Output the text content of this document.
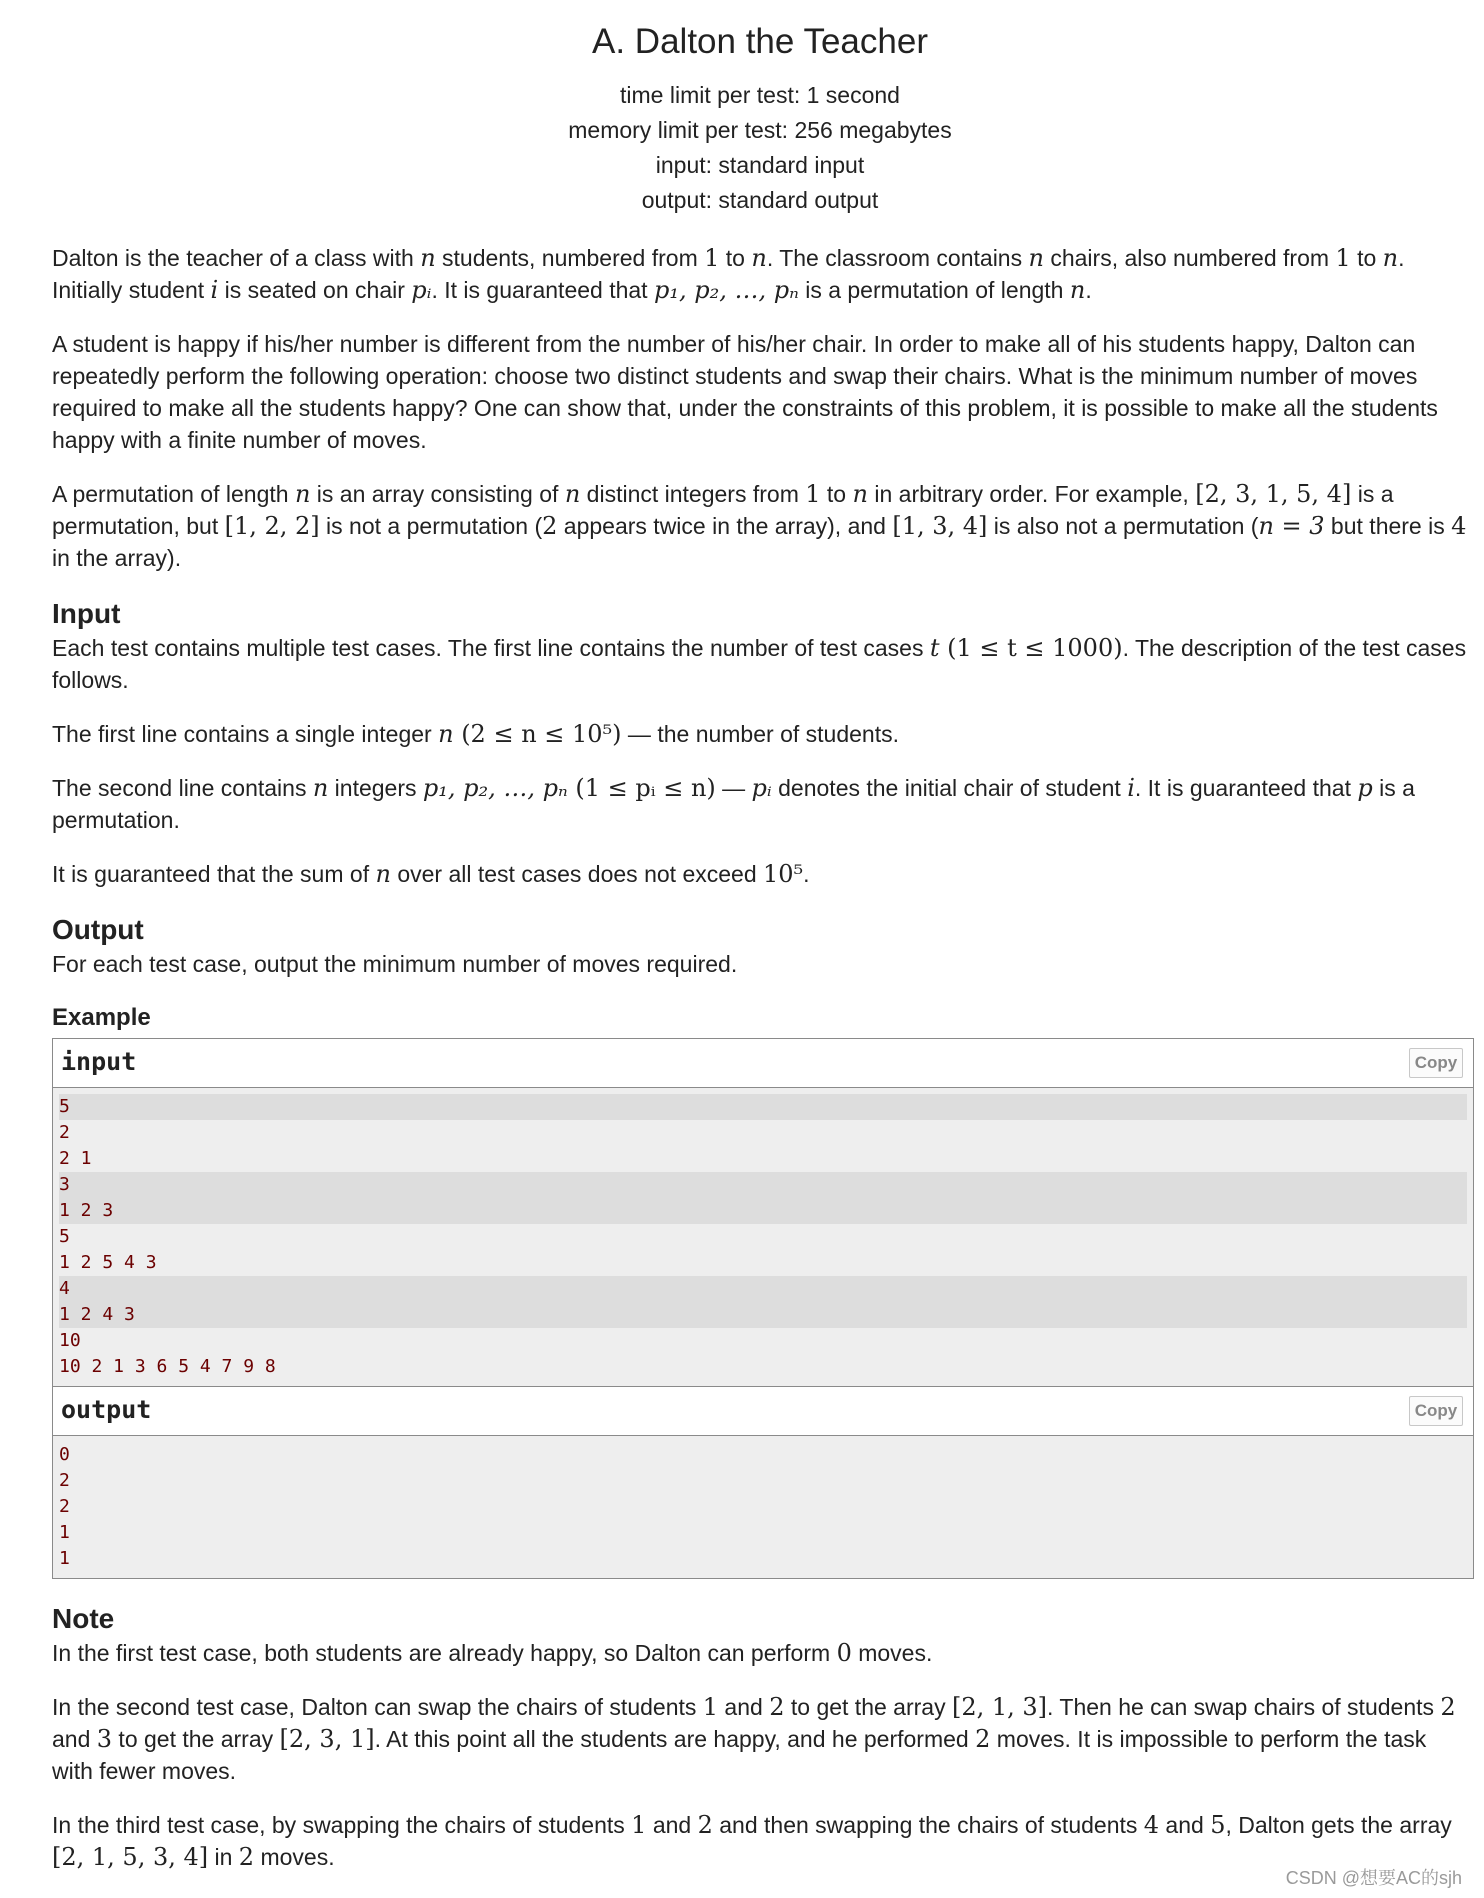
A. Dalton the Teacher
time limit per test: 1 second
memory limit per test: 256 megabytes
input: standard input
output: standard output

Dalton is the teacher of a class with n students, numbered from 1 to n. The classroom contains n chairs, also numbered from 1 to n. Initially student i is seated on chair pᵢ. It is guaranteed that p₁, p₂, …, pₙ is a permutation of length n.

A student is happy if his/her number is different from the number of his/her chair. In order to make all of his students happy, Dalton can repeatedly perform the following operation: choose two distinct students and swap their chairs. What is the minimum number of moves required to make all the students happy? One can show that, under the constraints of this problem, it is possible to make all the students happy with a finite number of moves.

A permutation of length n is an array consisting of n distinct integers from 1 to n in arbitrary order. For example, [2, 3, 1, 5, 4] is a permutation, but [1, 2, 2] is not a permutation (2 appears twice in the array), and [1, 3, 4] is also not a permutation (n = 3 but there is 4 in the array).

Input

Each test contains multiple test cases. The first line contains the number of test cases t (1 ≤ t ≤ 1000). The description of the test cases follows.

The first line contains a single integer n (2 ≤ n ≤ 10⁵) — the number of students.

The second line contains n integers p₁, p₂, …, pₙ (1 ≤ pᵢ ≤ n) — pᵢ denotes the initial chair of student i. It is guaranteed that p is a permutation.

It is guaranteed that the sum of n over all test cases does not exceed 10⁵.

Output

For each test case, output the minimum number of moves required.

Example
input	Copy
5
2
2 1
3
1 2 3
5
1 2 5 4 3
4
1 2 4 3
10
10 2 1 3 6 5 4 7 9 8
output	Copy
0
2
2
1
1
Note

In the first test case, both students are already happy, so Dalton can perform 0 moves.

In the second test case, Dalton can swap the chairs of students 1 and 2 to get the array [2, 1, 3]. Then he can swap chairs of students 2 and 3 to get the array [2, 3, 1]. At this point all the students are happy, and he performed 2 moves. It is impossible to perform the task with fewer moves.

In the third test case, by swapping the chairs of students 1 and 2 and then swapping the chairs of students 4 and 5, Dalton gets the array [2, 1, 5, 3, 4] in 2 moves.

CSDN @想要AC的sjh
